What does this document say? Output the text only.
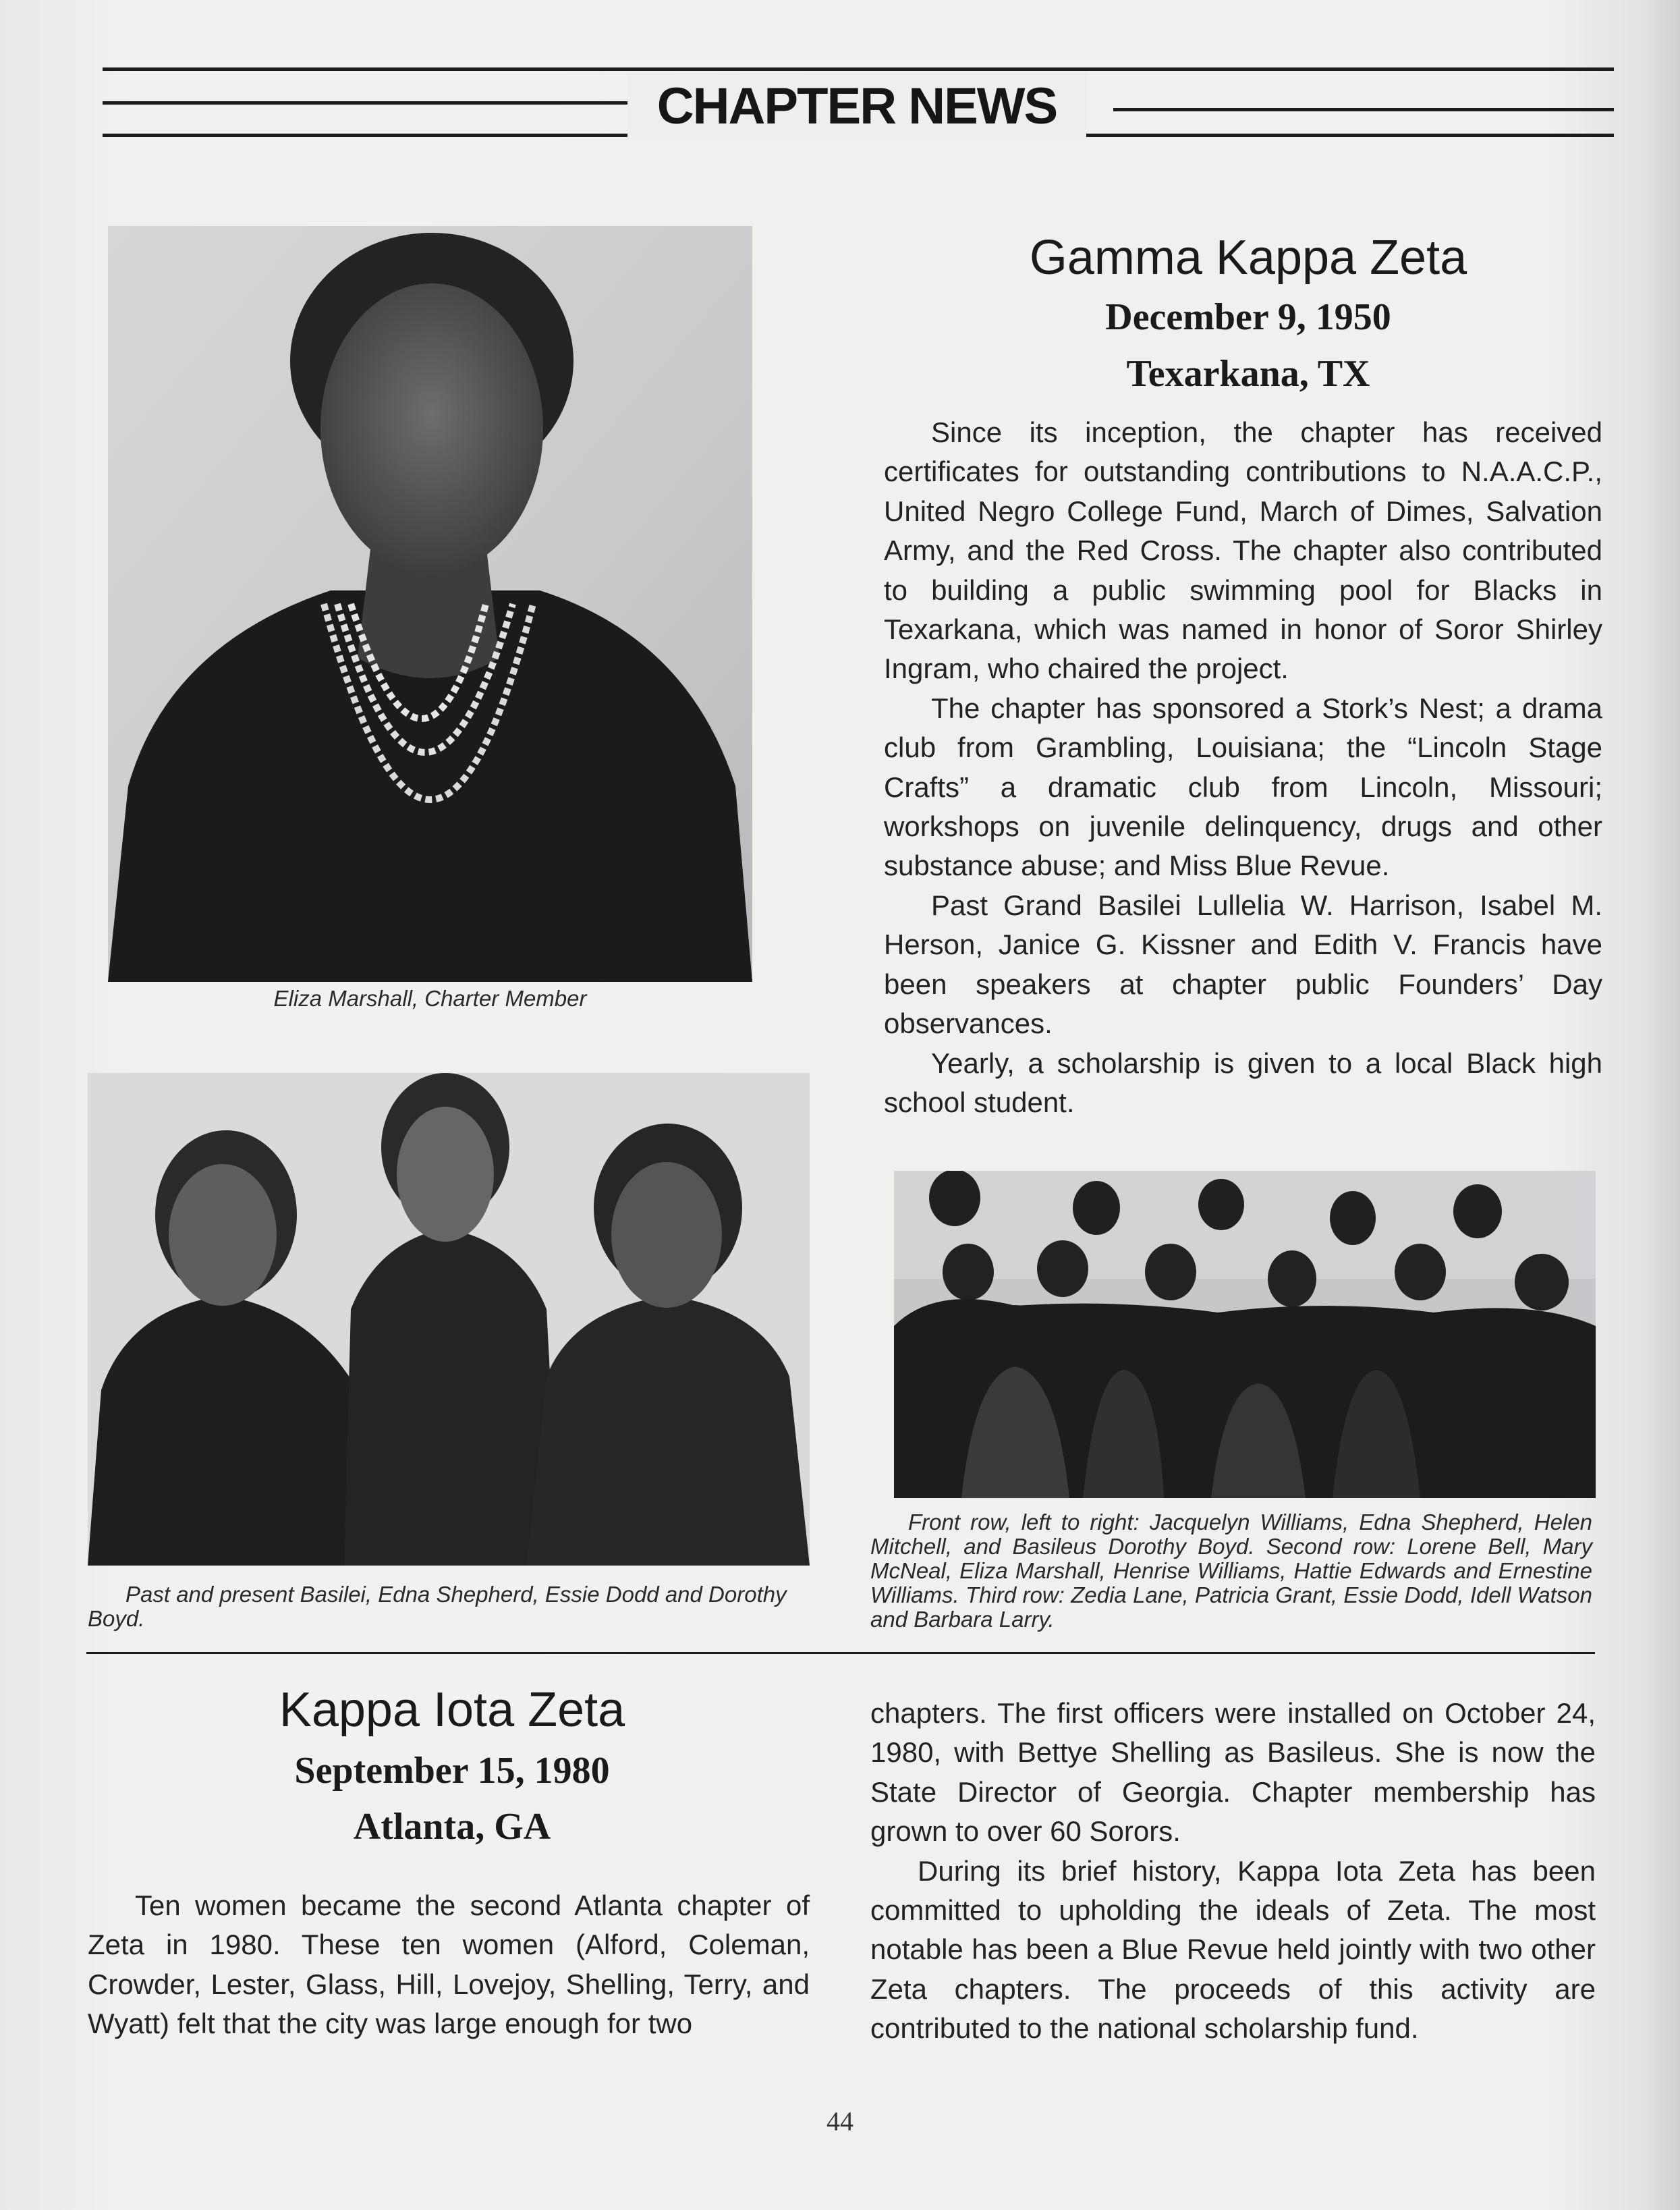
CHAPTER NEWS
Eliza Marshall, Charter Member
Past and present Basilei, Edna Shepherd, Essie Dodd and Dorothy Boyd.
Front row, left to right: Jacquelyn Williams, Edna Shepherd, Helen Mitchell, and Basileus Dorothy Boyd. Second row: Lorene Bell, Mary McNeal, Eliza Marshall, Henrise Williams, Hattie Edwards and Ernestine Williams. Third row: Zedia Lane, Patricia Grant, Essie Dodd, Idell Watson and Barbara Larry.
Gamma Kappa Zeta
December 9, 1950
Texarkana, TX

Since its inception, the chapter has received certificates for outstanding contributions to N.A.A.C.P., United Negro College Fund, March of Dimes, Salvation Army, and the Red Cross. The chapter also contributed to building a public swimming pool for Blacks in Texarkana, which was named in honor of Soror Shirley Ingram, who chaired the project.

The chapter has sponsored a Stork’s Nest; a drama club from Grambling, Louisiana; the “Lincoln Stage Crafts” a dramatic club from Lincoln, Missouri; workshops on juvenile delinquency, drugs and other substance abuse; and Miss Blue Revue.

Past Grand Basilei Lullelia W. Harrison, Isabel M. Herson, Janice G. Kissner and Edith V. Francis have been speakers at chapter public Founders’ Day observances.

Yearly, a scholarship is given to a local Black high school student.

Kappa Iota Zeta
September 15, 1980
Atlanta, GA

Ten women became the second Atlanta chapter of Zeta in 1980. These ten women (Alford, Coleman, Crowder, Lester, Glass, Hill, Lovejoy, Shelling, Terry, and Wyatt) felt that the city was large enough for two

chapters. The first officers were installed on October 24, 1980, with Bettye Shelling as Basileus. She is now the State Director of Georgia. Chapter membership has grown to over 60 Sorors.

During its brief history, Kappa Iota Zeta has been committed to upholding the ideals of Zeta. The most notable has been a Blue Revue held jointly with two other Zeta chapters. The proceeds of this activity are contributed to the national scholarship fund.

44
